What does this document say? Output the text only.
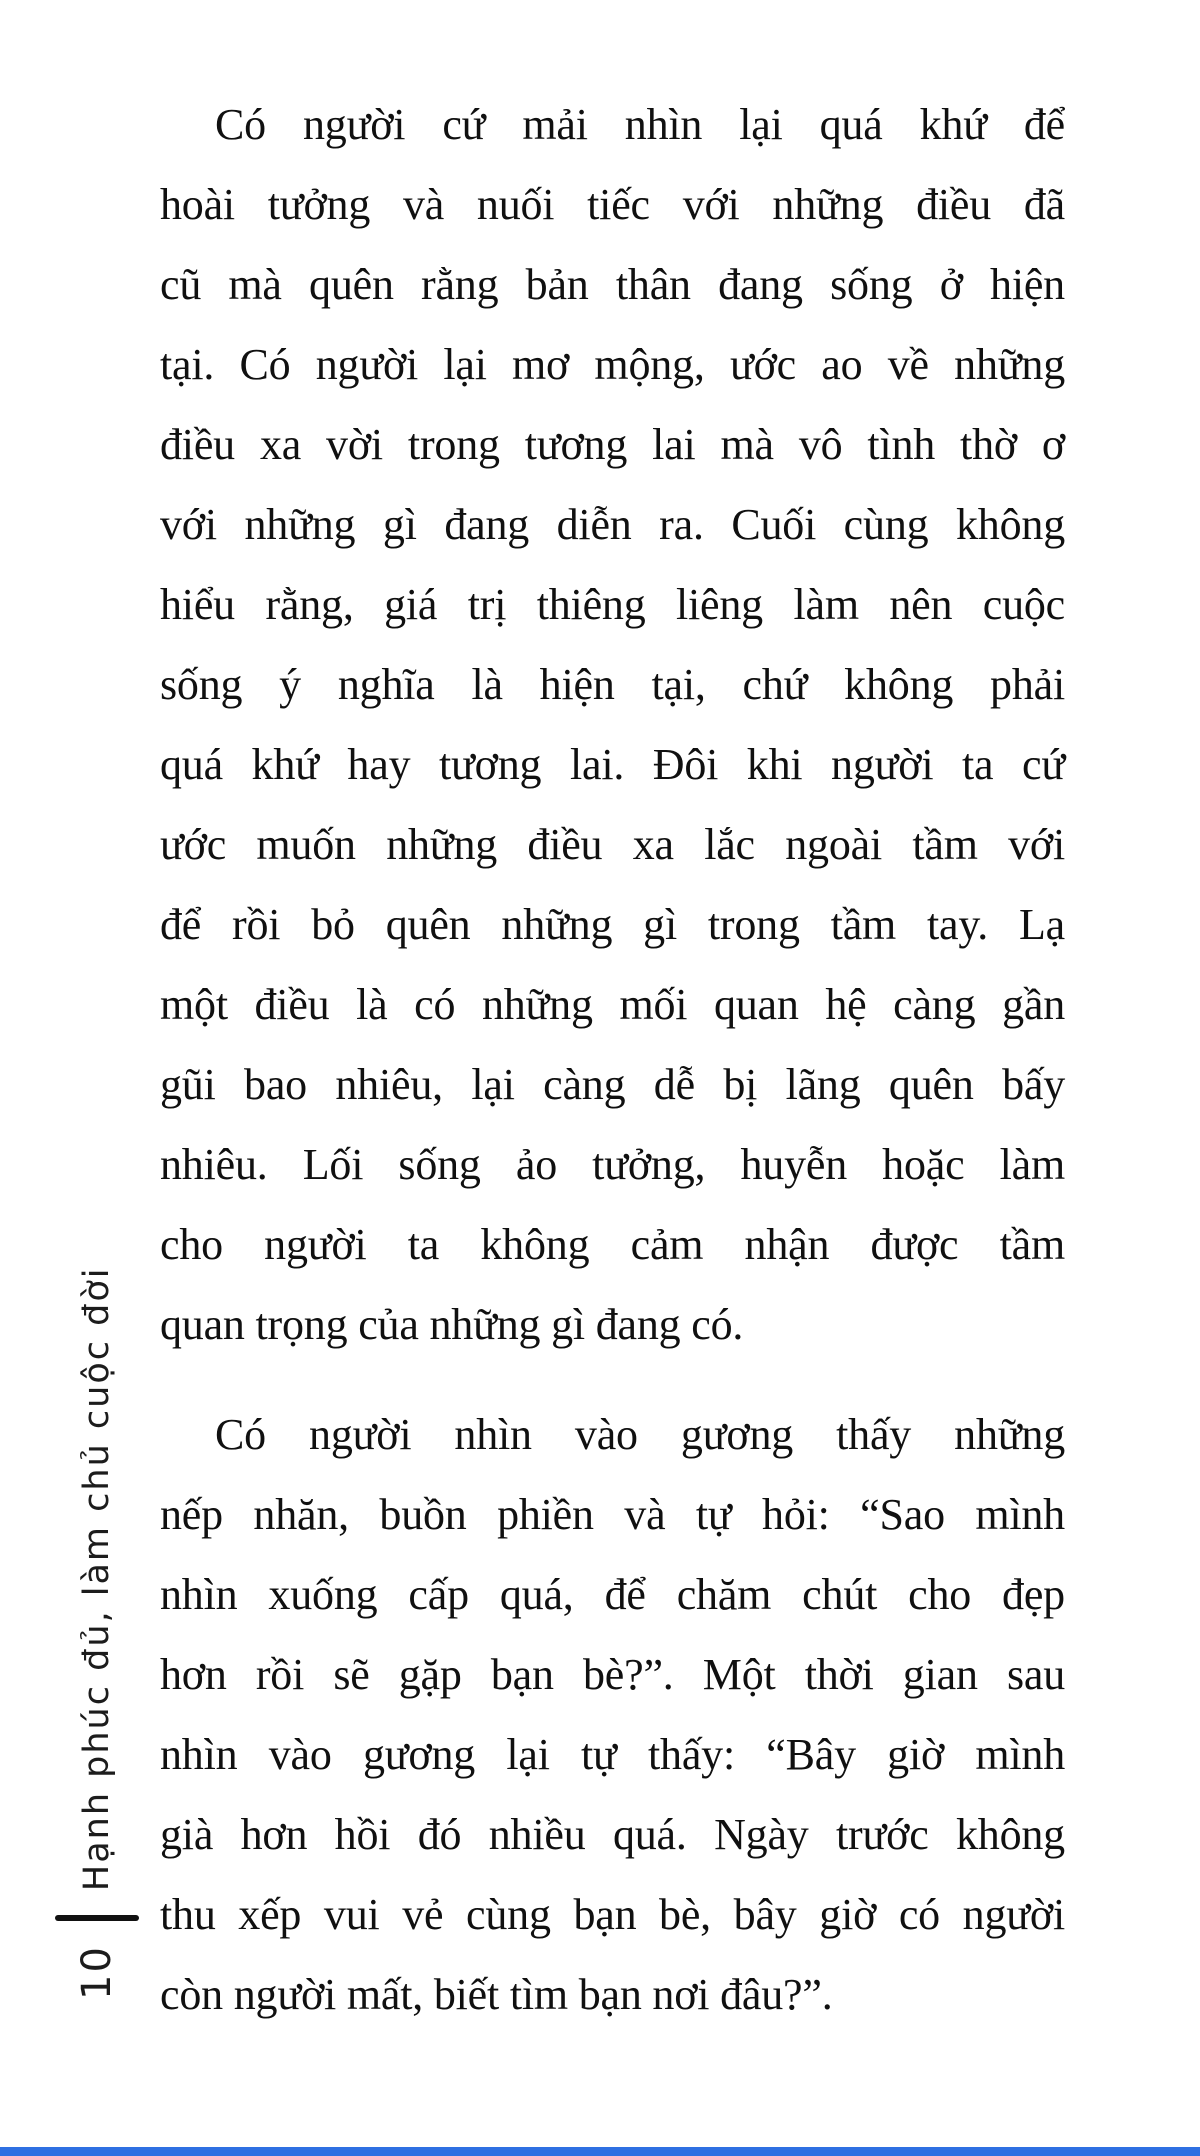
10
Hạnh phúc đủ, làm chủ cuộc đời
Có người cứ mải nhìn lại quá khứ để
hoài tưởng và nuối tiếc với những điều đã
cũ mà quên rằng bản thân đang sống ở hiện
tại. Có người lại mơ mộng, ước ao về những
điều xa vời trong tương lai mà vô tình thờ ơ
với những gì đang diễn ra. Cuối cùng không
hiểu rằng, giá trị thiêng liêng làm nên cuộc
sống ý nghĩa là hiện tại, chứ không phải
quá khứ hay tương lai. Đôi khi người ta cứ
ước muốn những điều xa lắc ngoài tầm với
để rồi bỏ quên những gì trong tầm tay. Lạ
một điều là có những mối quan hệ càng gần
gũi bao nhiêu, lại càng dễ bị lãng quên bấy
nhiêu. Lối sống ảo tưởng, huyễn hoặc làm
cho người ta không cảm nhận được tầm
quan trọng của những gì đang có.
Có người nhìn vào gương thấy những
nếp nhăn, buồn phiền và tự hỏi: “Sao mình
nhìn xuống cấp quá, để chăm chút cho đẹp
hơn rồi sẽ gặp bạn bè?”. Một thời gian sau
nhìn vào gương lại tự thấy: “Bây giờ mình
già hơn hồi đó nhiều quá. Ngày trước không
thu xếp vui vẻ cùng bạn bè, bây giờ có người
còn người mất, biết tìm bạn nơi đâu?”.
